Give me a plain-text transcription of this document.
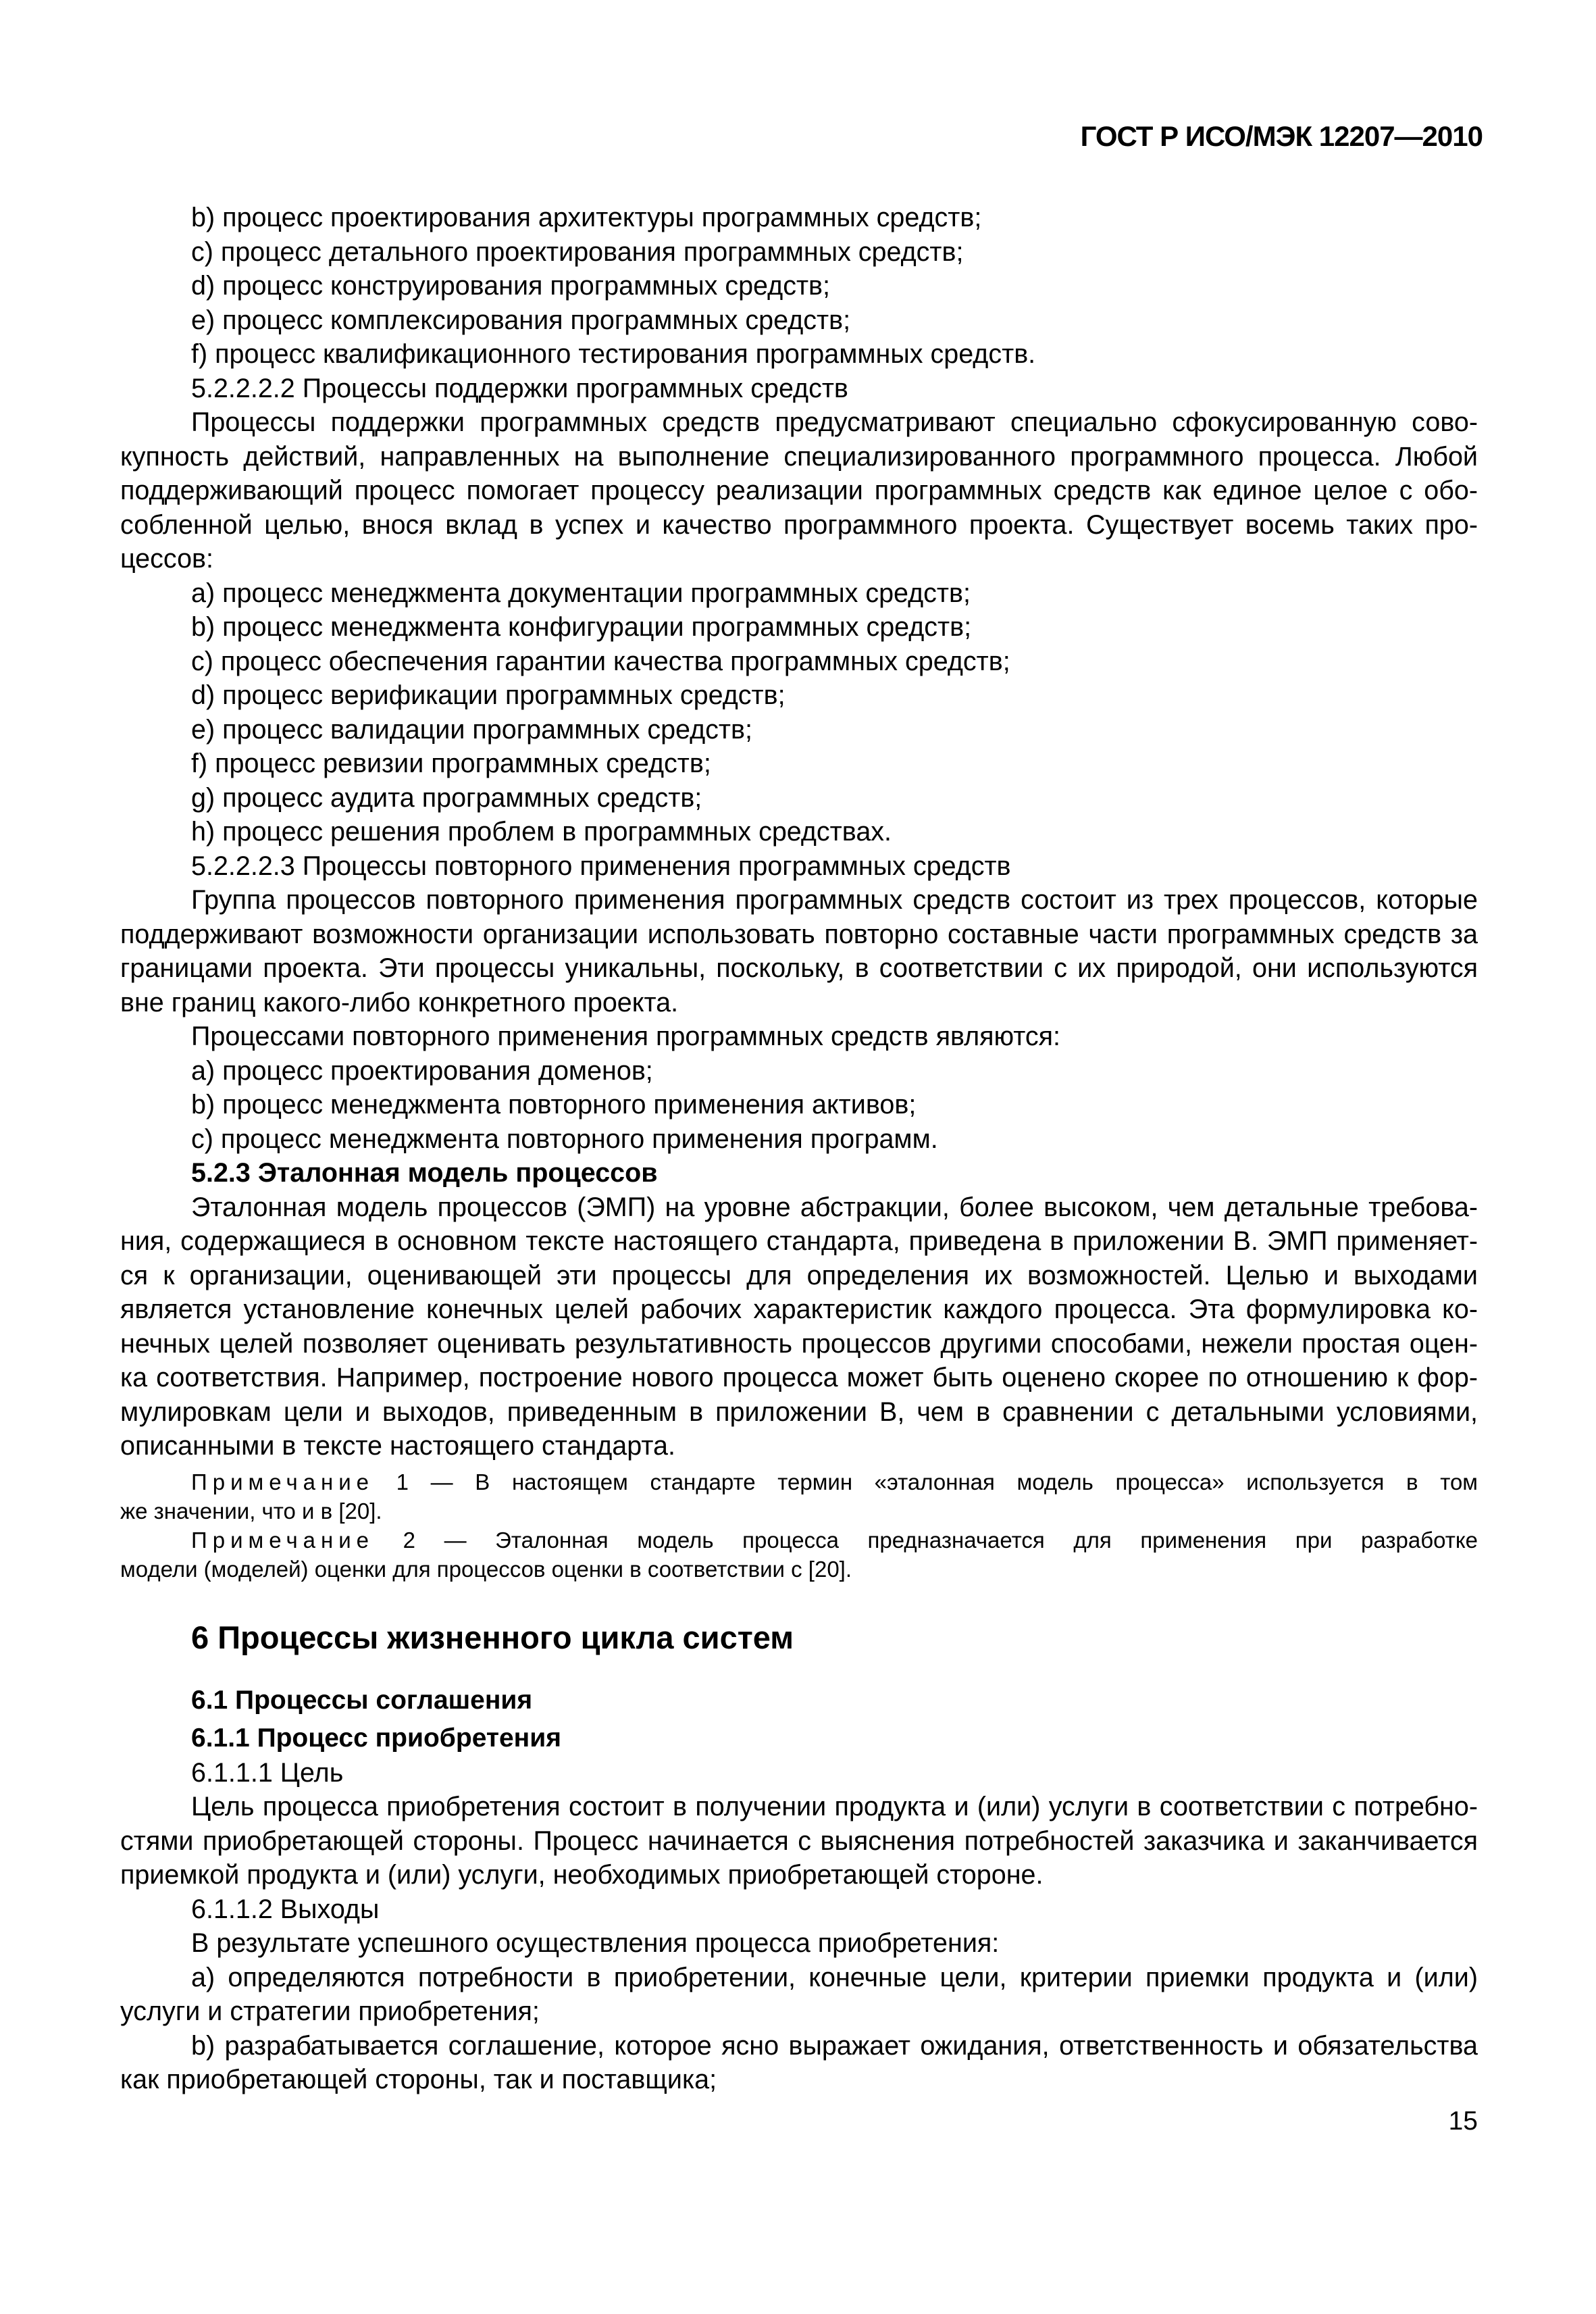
ГОСТ Р ИСО/МЭК 12207—2010
b) процесс проектирования архитектуры программных средств;
c) процесс детального проектирования программных средств;
d) процесс конструирования программных средств;
e) процесс комплексирования программных средств;
f) процесс квалификационного тестирования программных средств.
5.2.2.2.2 Процессы поддержки программных средств
Процессы поддержки программных средств предусматривают специально сфокусированную сово-
купность действий, направленных на выполнение специализированного программного процесса. Любой
поддерживающий процесс помогает процессу реализации программных средств как единое целое с обо-
собленной целью, внося вклад в успех и качество программного проекта. Существует восемь таких про-
цессов:
a) процесс менеджмента документации программных средств;
b) процесс менеджмента конфигурации программных средств;
c) процесс обеспечения гарантии качества программных средств;
d) процесс верификации программных средств;
e) процесс валидации программных средств;
f) процесс ревизии программных средств;
g) процесс аудита программных средств;
h) процесс решения проблем в программных средствах.
5.2.2.2.3 Процессы повторного применения программных средств
Группа процессов повторного применения программных средств состоит из трех процессов, которые
поддерживают возможности организации использовать повторно составные части программных средств за
границами проекта. Эти процессы уникальны, поскольку, в соответствии с их природой, они используются
вне границ какого-либо конкретного проекта.
Процессами повторного применения программных средств являются:
a) процесс проектирования доменов;
b) процесс менеджмента повторного применения активов;
c) процесс менеджмента повторного применения программ.
5.2.3 Эталонная модель процессов
Эталонная модель процессов (ЭМП) на уровне абстракции, более высоком, чем детальные требова-
ния, содержащиеся в основном тексте настоящего стандарта, приведена в приложении В. ЭМП применяет-
ся к организации, оценивающей эти процессы для определения их возможностей. Целью и выходами
является установление конечных целей рабочих характеристик каждого процесса. Эта формулировка ко-
нечных целей позволяет оценивать результативность процессов другими способами, нежели простая оцен-
ка соответствия. Например, построение нового процесса может быть оценено скорее по отношению к фор-
мулировкам цели и выходов, приведенным в приложении В, чем в сравнении с детальными условиями,
описанными в тексте настоящего стандарта.
Примечание 1 — В настоящем стандарте термин «эталонная модель процесса» используется в том
же значении, что и в [20].
Примечание 2 — Эталонная модель процесса предназначается для применения при разработке
модели (моделей) оценки для процессов оценки в соответствии с [20].
6 Процессы жизненного цикла систем
6.1 Процессы соглашения
6.1.1 Процесс приобретения
6.1.1.1 Цель
Цель процесса приобретения состоит в получении продукта и (или) услуги в соответствии с потребно-
стями приобретающей стороны. Процесс начинается с выяснения потребностей заказчика и заканчивается
приемкой продукта и (или) услуги, необходимых приобретающей стороне.
6.1.1.2 Выходы
В результате успешного осуществления процесса приобретения:
a) определяются потребности в приобретении, конечные цели, критерии приемки продукта и (или)
услуги и стратегии приобретения;
b) разрабатывается соглашение, которое ясно выражает ожидания, ответственность и обязательства
как приобретающей стороны, так и поставщика;
15
